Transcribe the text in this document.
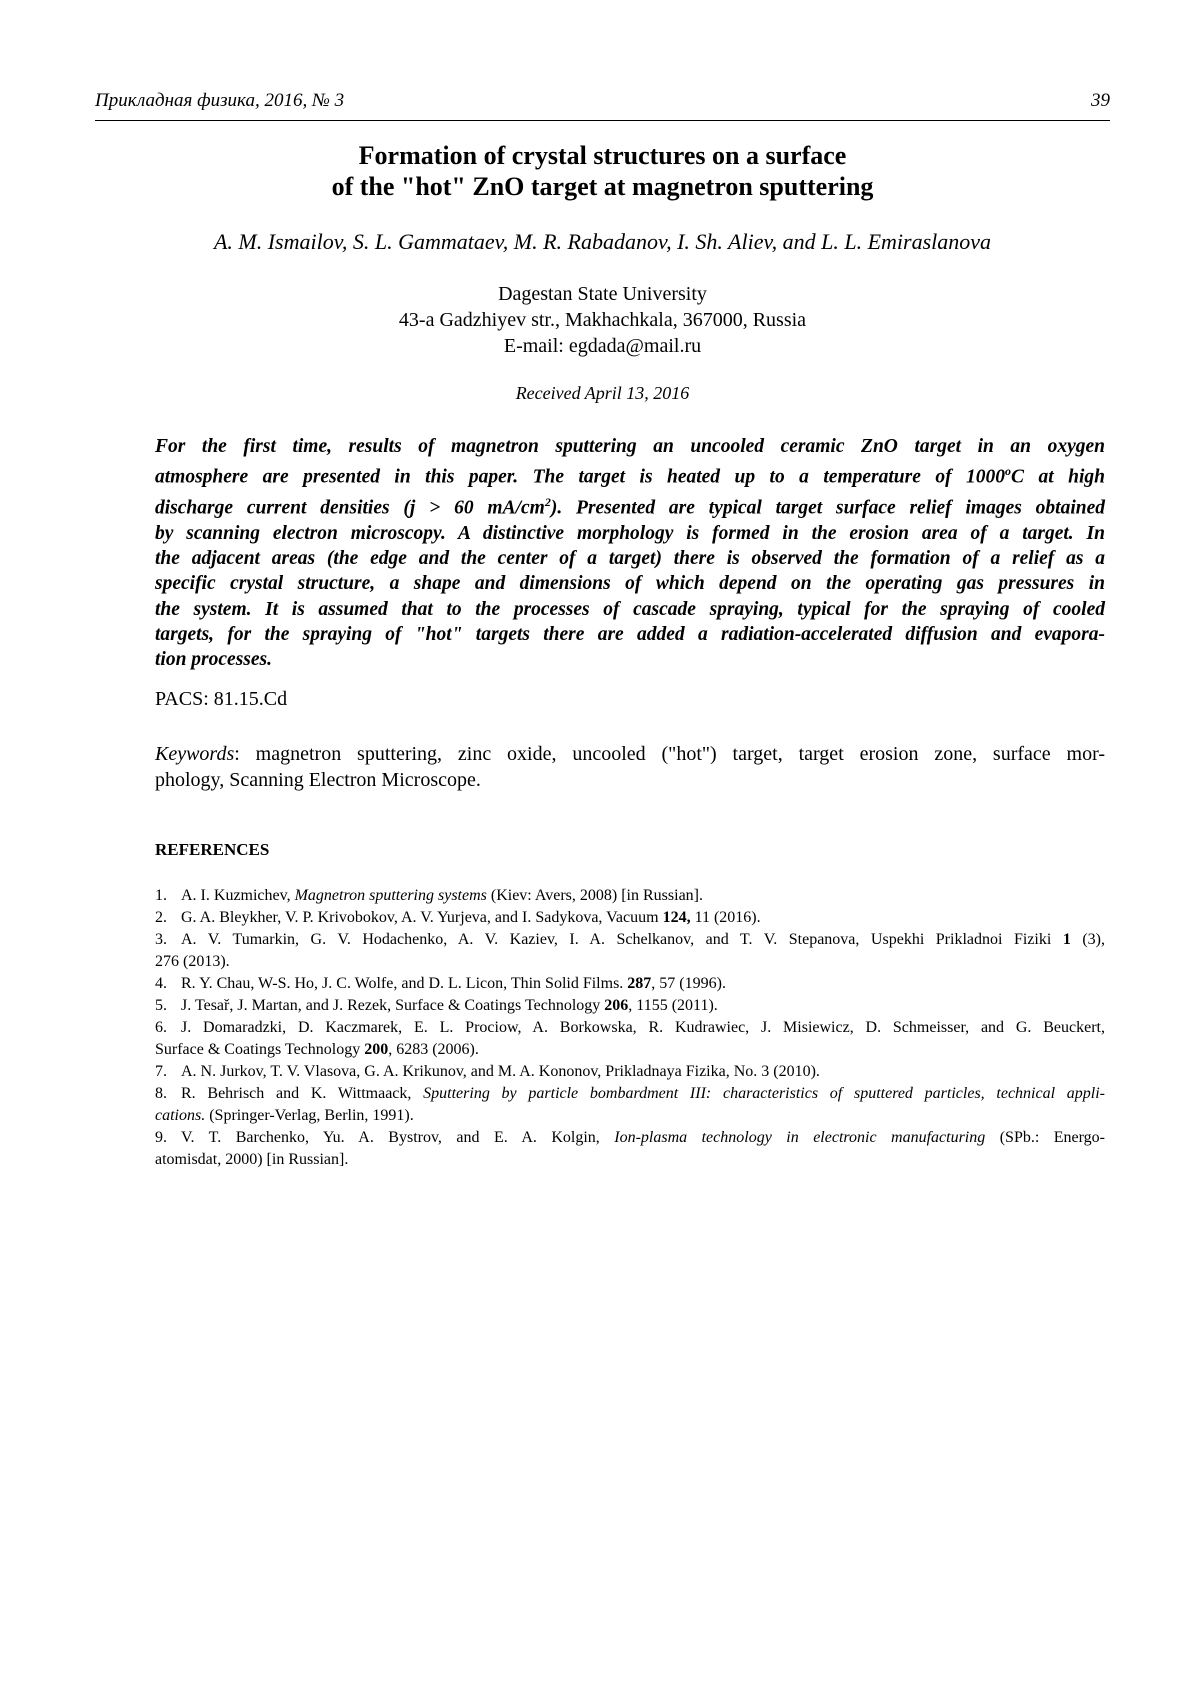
Прикладная физика, 2016, № 3	39
Formation of crystal structures on a surface
of the "hot" ZnO target at magnetron sputtering
A. M. Ismailov, S. L. Gammataev, M. R. Rabadanov, I. Sh. Aliev, and L. L. Emiraslanova
Dagestan State University
43-a Gadzhiyev str., Makhachkala, 367000, Russia
E-mail: egdada@mail.ru
Received April 13, 2016
For the first time, results of magnetron sputtering an uncooled ceramic ZnO target in an oxygen
atmosphere are presented in this paper. The target is heated up to a temperature of 1000$^o$C at high
discharge current densities (j > 60 $mA/cm^2$). Presented are typical target surface relief images obtained
by scanning electron microscopy. A distinctive morphology is formed in the erosion area of a target. In
the adjacent areas (the edge and the center of a target) there is observed the formation of a relief as a
specific crystal structure, a shape and dimensions of which depend on the operating gas pressures in
the system. It is assumed that to the processes of cascade spraying, typical for the spraying of cooled
targets, for the spraying of "hot" targets there are added a radiation-accelerated diffusion and evapora-
tion processes.
PACS: 81.15.Cd
Keywords: magnetron sputtering, zinc oxide, uncooled ("hot") target, target erosion zone, surface mor-
phology, Scanning Electron Microscope.
REFERENCES
1. A. I. Kuzmichev, Magnetron sputtering systems (Kiev: Avers, 2008) [in Russian].
2. G. A. Bleykher, V. P. Krivobokov, A. V. Yurjeva, and I. Sadykova, Vacuum 124, 11 (2016).
3. A. V. Tumarkin, G. V. Hodachenko, A. V. Kaziev, I. A. Schelkanov, and T. V. Stepanova, Uspekhi Prikladnoi Fiziki 1 (3),
276 (2013).
4. R. Y. Chau, W-S. Ho, J. C. Wolfe, and D. L. Licon, Thin Solid Films. 287, 57 (1996).
5. J. Tesař, J. Martan, and J. Rezek, Surface & Coatings Technology 206, 1155 (2011).
6. J. Domaradzki, D. Kaczmarek, E. L. Prociow, A. Borkowska, R. Kudrawiec, J. Misiewicz, D. Schmeisser, and G. Beuckert,
Surface & Coatings Technology 200, 6283 (2006).
7. A. N. Jurkov, T. V. Vlasova, G. A. Krikunov, and M. A. Kononov, Prikladnaya Fizika, No. 3 (2010).
8. R. Behrisch and K. Wittmaack, Sputtering by particle bombardment III: characteristics of sputtered particles, technical appli-
cations. (Springer-Verlag, Berlin, 1991).
9. V. T. Barchenko, Yu. A. Bystrov, and E. A. Kolgin, Ion-plasma technology in electronic manufacturing (SPb.: Energo-
atomisdat, 2000) [in Russian].
